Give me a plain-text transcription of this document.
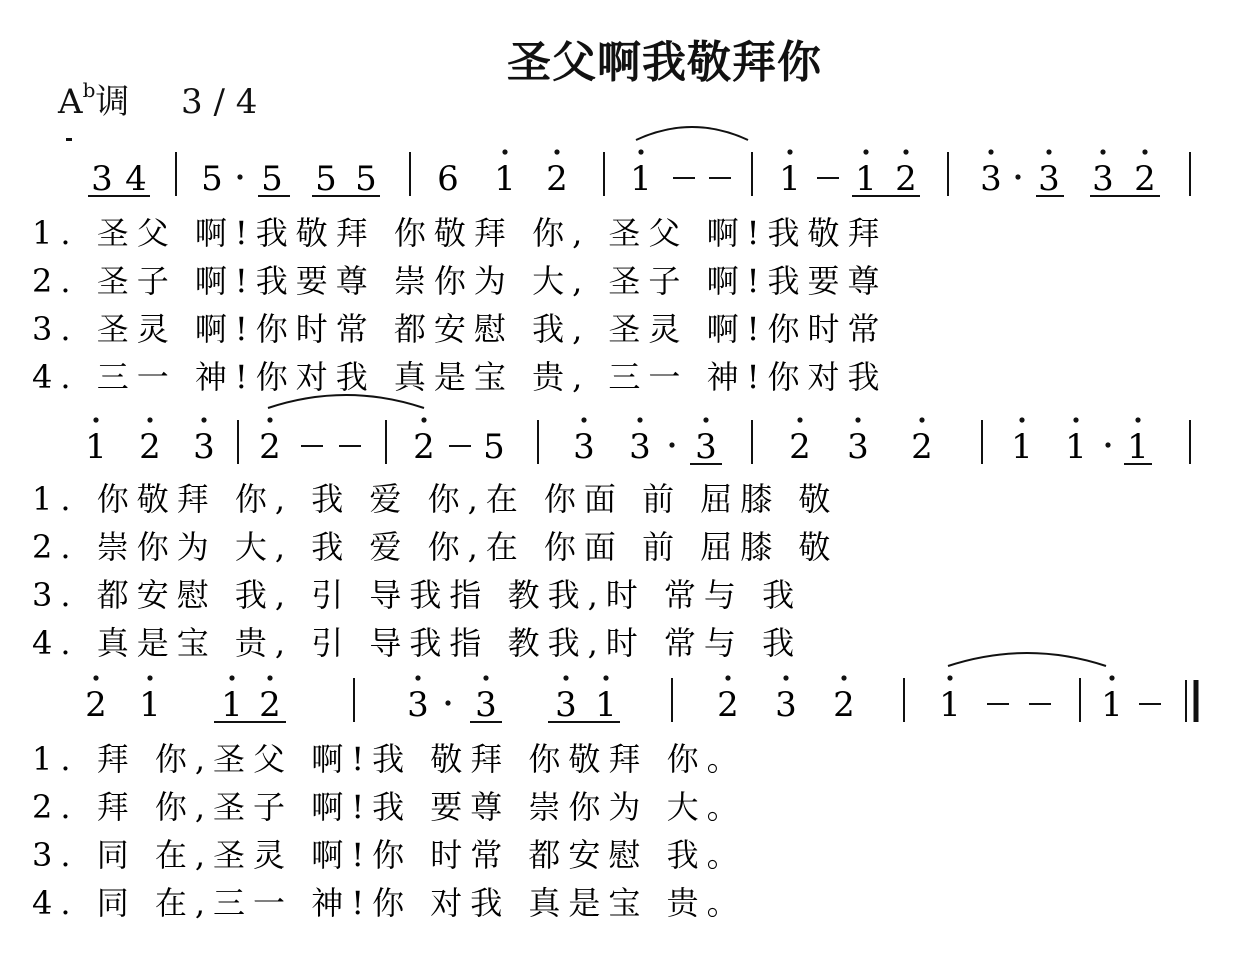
圣父啊我敬拜你
$A^b$调 3 / 4
3 4 5 5 5 5 6 1 2 1	1 1 2 3 3 3 2
1 2 3 2	2 5 3 3 3 2 3 2 1 1 1
2 1 1 2	3 3 3 1	2 3 2 1	1
1. 圣父 啊!我敬拜 你敬拜 你, 圣父 啊!我敬拜
2. 圣子 啊!我要尊 崇你为 大, 圣子 啊!我要尊
3. 圣灵 啊!你时常 都安慰 我, 圣灵 啊!你时常
4. 三一 神!你对我 真是宝 贵, 三一 神!你对我
1. 你敬拜 你, 我 爱 你,在 你面 前 屈膝 敬
2. 崇你为 大, 我 爱 你,在 你面 前 屈膝 敬
3. 都安慰 我, 引 导我指 教我,时 常与 我
4. 真是宝 贵, 引 导我指 教我,时 常与 我
1. 拜 你,圣父 啊!我 敬拜 你敬拜 你。
2. 拜 你,圣子 啊!我 要尊 崇你为 大。
3. 同 在,圣灵 啊!你 时常 都安慰 我。
4. 同 在,三一 神!你 对我 真是宝 贵。
